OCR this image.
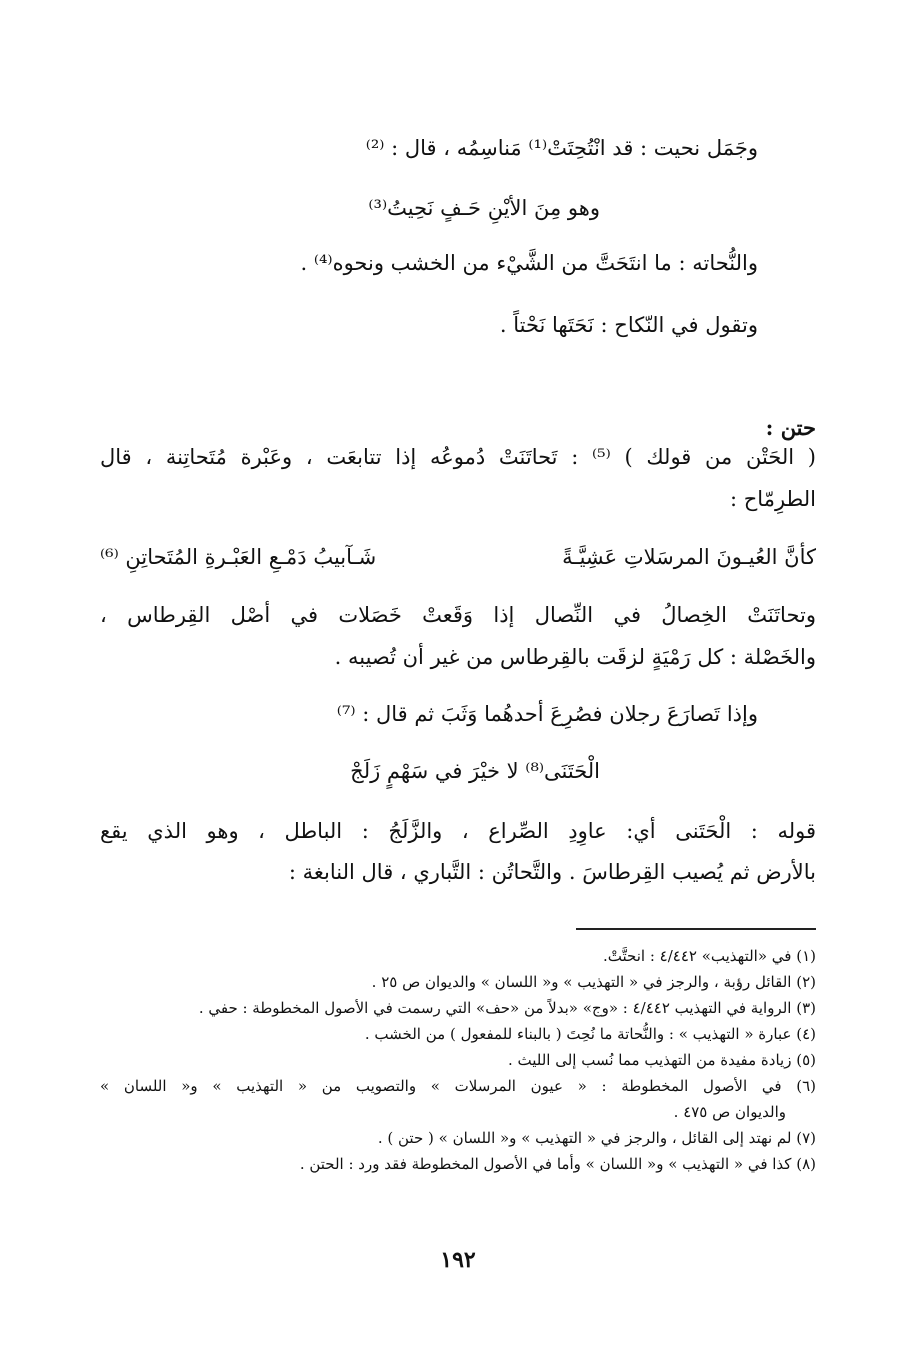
وجَمَل نحيت : قد انْتُحِتَتْ⁽¹⁾ مَناسِمُه ، قال : ⁽²⁾

وهو مِنَ الأيْنِ حَـفٍ نَحِيتُ⁽³⁾

والنُّحاته : ما انتَحَتَّ من الشَّيْء من الخشب ونحوه⁽⁴⁾ .

وتقول في النّكاح : نَحَتَها نَحْتاً .

حتن :

( الحَتْن من قولك ) ⁽⁵⁾ : تَحاتَنَتْ دُموعُه إذا تتابعَت ، وعَبْرة مُتَحاتِنة ، قال

الطرِمّاح :

كأنَّ العُيـونَ المرسَلاتِ عَشِيَّـةً
شَـآبيبُ دَمْـعِ العَبْـرةِ المُتَحاتِنِ ⁽⁶⁾

وتحاتَنَتْ الخِصالُ في النِّصال إذا وَقَعتْ خَصَلات في أصْل القِرطاس ،

والخَصْلة : كل رَمْيَةٍ لزقَت بالقِرطاس من غير أن تُصيبه .

وإذا تَصارَعَ رجلان فصُرِعَ أحدهُما وَثَبَ ثم قال : ⁽⁷⁾

الْحَتَنَى⁽⁸⁾ لا خيْرَ في سَهْمٍ زَلَجْ

قوله : الْحَتَنى أي: عاوِدِ الصِّراع ، والزَّلَجُ : الباطل ، وهو الذي يقع

بالأرض ثم يُصيب القِرطاسَ . والتَّحاتُن : التَّباري ، قال النابغة :

(١) في «التهذيب» ٤/٤٤٢ : انحتَّتْ.

(٢) القائل رؤبة ، والرجز في « التهذيب » و« اللسان » والديوان ص ٢٥ .

(٣) الرواية في التهذيب ٤/٤٤٢ : «وج» «بدلاً من «حف» التي رسمت في الأصول المخطوطة : حفي .

(٤) عبارة « التهذيب » : والنُّحاتة ما نُحِتَ ( بالبناء للمفعول ) من الخشب .

(٥) زيادة مفيدة من التهذيب مما نُسب إلى الليث .

(٦) في الأصول المخطوطة : « عيون المرسلات » والتصويب من « التهذيب » و« اللسان »

والديوان ص ٤٧٥ .

(٧) لم نهتد إلى القائل ، والرجز في « التهذيب » و« اللسان » ( حتن ) .

(٨) كذا في « التهذيب » و« اللسان » وأما في الأصول المخطوطة فقد ورد : الحتن .

١٩٢
